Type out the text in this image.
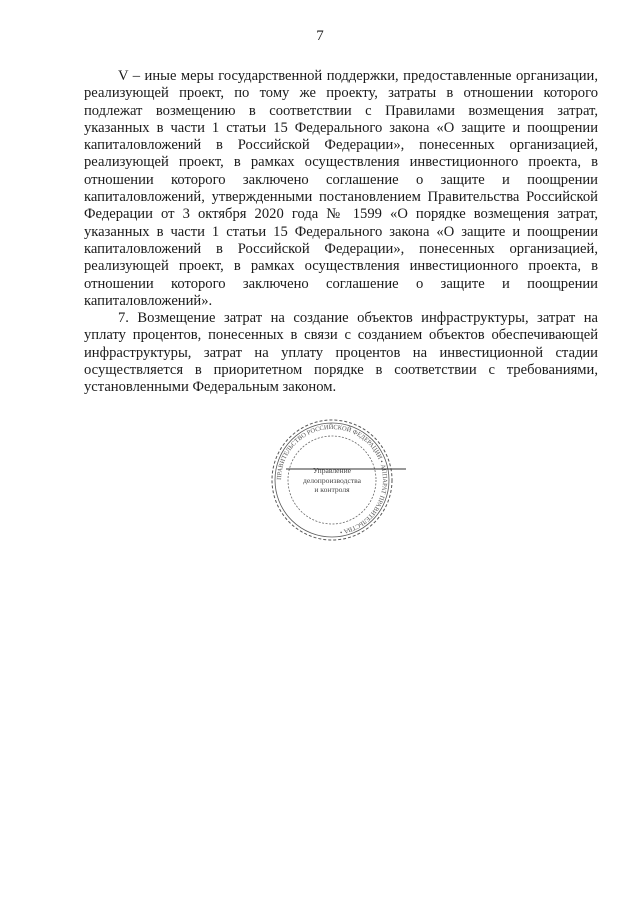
7

V – иные меры государственной поддержки, предоставленные организации, реализующей проект, по тому же проекту, затраты в отношении которого подлежат возмещению в соответствии с Правилами возмещения затрат, указанных в части 1 статьи 15 Федерального закона «О защите и поощрении капиталовложений в Российской Федерации», понесенных организацией, реализующей проект, в рамках осуществления инвестиционного проекта, в отношении которого заключено соглашение о защите и поощрении капиталовложений, утвержденными постановлением Правительства Российской Федерации от 3 октября 2020 года № 1599 «О порядке возмещения затрат, указанных в части 1 статьи 15 Федерального закона «О защите и поощрении капиталовложений в Российской Федерации», понесенных организацией, реализующей проект, в рамках осуществления инвестиционного проекта, в отношении которого заключено соглашение о защите и поощрении капиталовложений».

7. Возмещение затрат на создание объектов инфраструктуры, затрат на уплату процентов, понесенных в связи с созданием объектов обеспечивающей инфраструктуры, затрат на уплату процентов на инвестиционной стадии осуществляется в приоритетном порядке в соответствии с требованиями, установленными Федеральным законом.

ПРАВИТЕЛЬСТВО РОССИЙСКОЙ ФЕДЕРАЦИИ • АППАРАТ ПРАВИТЕЛЬСТВА •
Управление
делопроизводства
и контроля
